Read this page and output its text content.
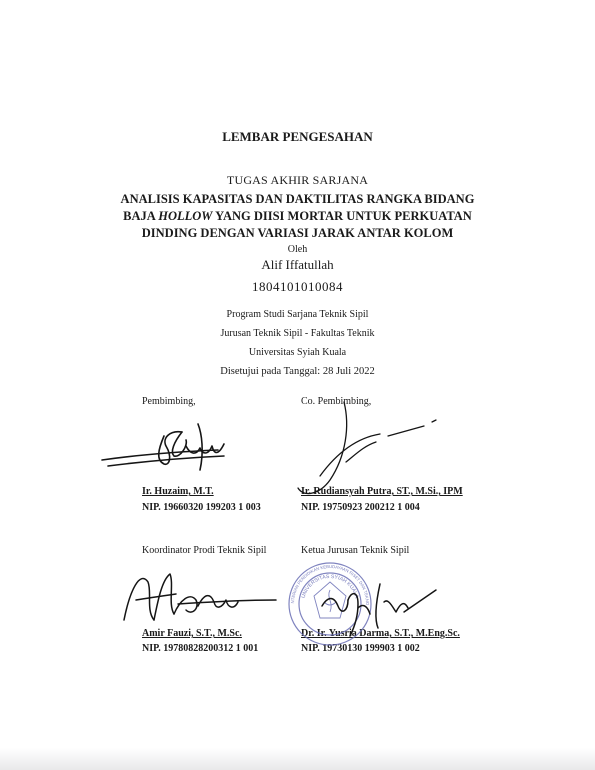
LEMBAR PENGESAHAN
TUGAS AKHIR SARJANA
ANALISIS KAPASITAS DAN DAKTILITAS RANGKA BIDANG
BAJA HOLLOW YANG DIISI MORTAR UNTUK PERKUATAN
DINDING DENGAN VARIASI JARAK ANTAR KOLOM
Oleh
Alif Iffatullah
1804101010084
Program Studi Sarjana Teknik Sipil
Jurusan Teknik Sipil - Fakultas Teknik
Universitas Syiah Kuala
Disetujui pada Tanggal: 28 Juli 2022
Pembimbing,
Ir. Huzaim, M.T.
NIP. 19660320 199203 1 003
Co. Pembimbing,
Ir. Rudiansyah Putra, ST., M.Si., IPM
NIP. 19750923 200212 1 004
Koordinator Prodi Teknik Sipil
Amir Fauzi, S.T., M.Sc.
NIP. 19780828200312 1 001
Ketua Jurusan Teknik Sipil
Dr. Ir. Yusria Darma, S.T., M.Eng.Sc.
NIP. 19730130 199903 1 002
KEMENTERIAN PENDIDIKAN KEBUDAYAAN RISET DAN TEKNOLOGI
UNIVERSITAS SYIAH KUALA
